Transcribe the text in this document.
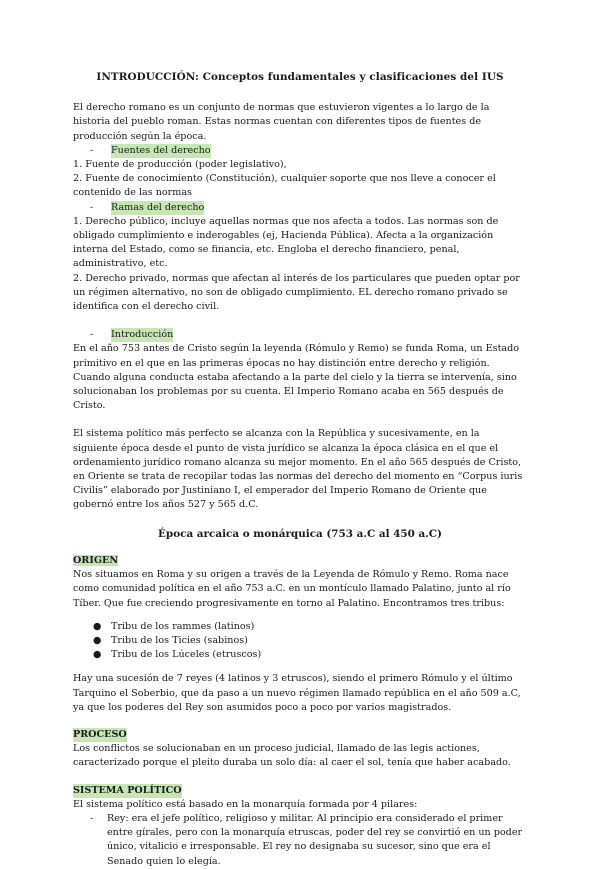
INTRODUCCIÓN: Conceptos fundamentales y clasificaciones del IUS

El derecho romano es un conjunto de normas que estuvieron vigentes a lo largo de la historia del pueblo roman. Estas normas cuentan con diferentes tipos de fuentes de producción según la época.

-	Fuentes del derecho

1. Fuente de producción (poder legislativo),

2. Fuente de conocimiento (Constitución), cualquier soporte que nos lleve a conocer el contenido de las normas

-	Ramas del derecho

1. Derecho público, incluye aquellas normas que nos afecta a todos. Las normas son de obligado cumplimiento e inderogables (ej, Hacienda Pública). Afecta a la organización interna del Estado, como se financia, etc. Engloba el derecho financiero, penal, administrativo, etc.

2. Derecho privado, normas que afectan al interés de los particulares que pueden optar por un régimen alternativo, no son de obligado cumplimiento. EL derecho romano privado se identifica con el derecho civil.

-	Introducción

En el año 753 antes de Cristo según la leyenda (Rómulo y Remo) se funda Roma, un Estado primitivo en el que en las primeras épocas no hay distinción entre derecho y religión. Cuando alguna conducta estaba afectando a la parte del cielo y la tierra se intervenía, sino solucionaban los problemas por su cuenta. El Imperio Romano acaba en 565 después de Cristo.

El sistema político más perfecto se alcanza con la República y sucesivamente, en la siguiente época desde el punto de vista jurídico se alcanza la época clásica en el que el ordenamiento jurídico romano alcanza su mejor momento. En el año 565 después de Cristo, en Oriente se trata de recopilar todas las normas del derecho del momento en “Corpus iuris Civilis” elaborado por Justiniano I, el emperador del Imperio Romano de Oriente que gobernó entre los años 527 y 565 d.C.

Época arcaica o monárquica (753 a.C al 450 a.C)

ORIGEN

Nos situamos en Roma y su origen a través de la Leyenda de Rómulo y Remo. Roma nace como comunidad política en el año 753 a.C. en un montículo llamado Palatino, junto al río Tíber. Que fue creciendo progresivamente en torno al Palatino. Encontramos tres tribus:

●	Tribu de los rammes (latinos)
●	Tribu de los Ticies (sabinos)
●	Tribu de los Lúceles (etruscos)

Hay una sucesión de 7 reyes (4 latinos y 3 etruscos), siendo el primero Rómulo y el último Tarquino el Soberbio, que da paso a un nuevo régimen llamado república en el año 509 a.C, ya que los poderes del Rey son asumidos poco a poco por varios magistrados.

PROCESO

Los conflictos se solucionaban en un proceso judicial, llamado de las legis actiones, caracterizado porque el pleito duraba un solo día: al caer el sol, tenía que haber acabado.

SISTEMA POLÍTICO

El sistema político está basado en la monarquía formada por 4 pilares:

-	Rey: era el jefe político, religioso y militar. Al principio era considerado el primer entre gírales, pero con la monarquía etruscas, poder del rey se convirtió en un poder único, vitalicio e irresponsable. El rey no designaba su sucesor, sino que era el Senado quien lo elegía.
